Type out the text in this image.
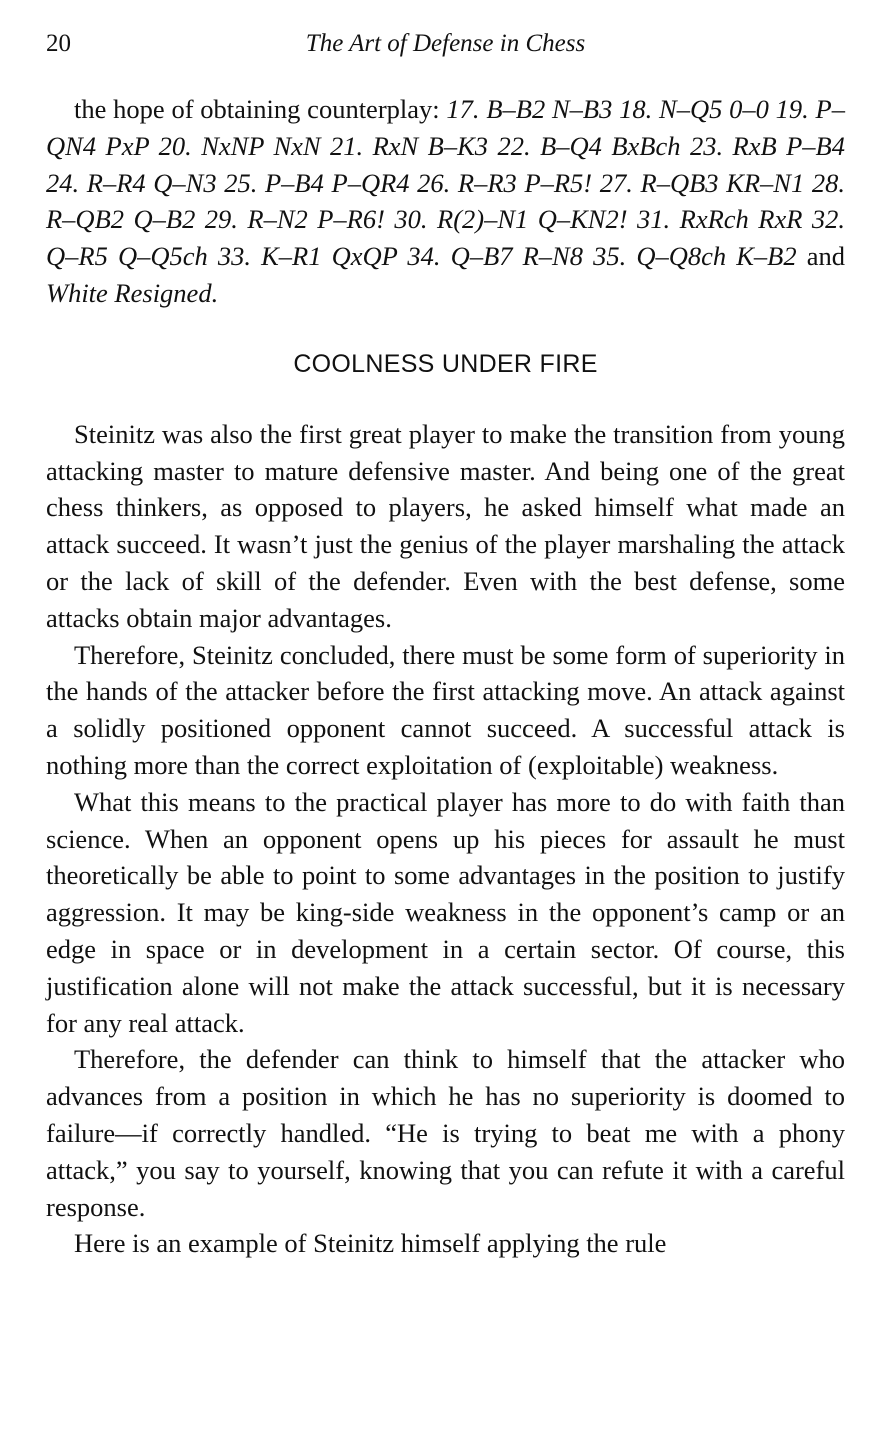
20	The Art of Defense in Chess

the hope of obtaining counterplay: 17. B–B2 N–B3 18. N–Q5 0–0 19. P–QN4 PxP 20. NxNP NxN 21. RxN B–K3 22. B–Q4 BxBch 23. RxB P–B4 24. R–R4 Q–N3 25. P–B4 P–QR4 26. R–R3 P–R5! 27. R–QB3 KR–N1 28. R–QB2 Q–B2 29. R–N2 P–R6! 30. R(2)–N1 Q–KN2! 31. RxRch RxR 32. Q–R5 Q–Q5ch 33. K–R1 QxQP 34. Q–B7 R–N8 35. Q–Q8ch K–B2 and White Resigned.

COOLNESS UNDER FIRE

Steinitz was also the first great player to make the transition from young attacking master to mature defensive master. And being one of the great chess thinkers, as opposed to players, he asked himself what made an attack succeed. It wasn’t just the genius of the player marshaling the attack or the lack of skill of the defender. Even with the best defense, some attacks obtain major advantages.

Therefore, Steinitz concluded, there must be some form of superiority in the hands of the attacker before the first attacking move. An attack against a solidly positioned opponent cannot succeed. A successful attack is nothing more than the correct exploitation of (exploitable) weakness.

What this means to the practical player has more to do with faith than science. When an opponent opens up his pieces for assault he must theoretically be able to point to some advantages in the position to justify aggression. It may be king-side weakness in the opponent’s camp or an edge in space or in development in a certain sector. Of course, this justification alone will not make the attack successful, but it is necessary for any real attack.

Therefore, the defender can think to himself that the attacker who advances from a position in which he has no superiority is doomed to failure—if correctly handled. “He is trying to beat me with a phony attack,” you say to yourself, knowing that you can refute it with a careful response.

Here is an example of Steinitz himself applying the rule
